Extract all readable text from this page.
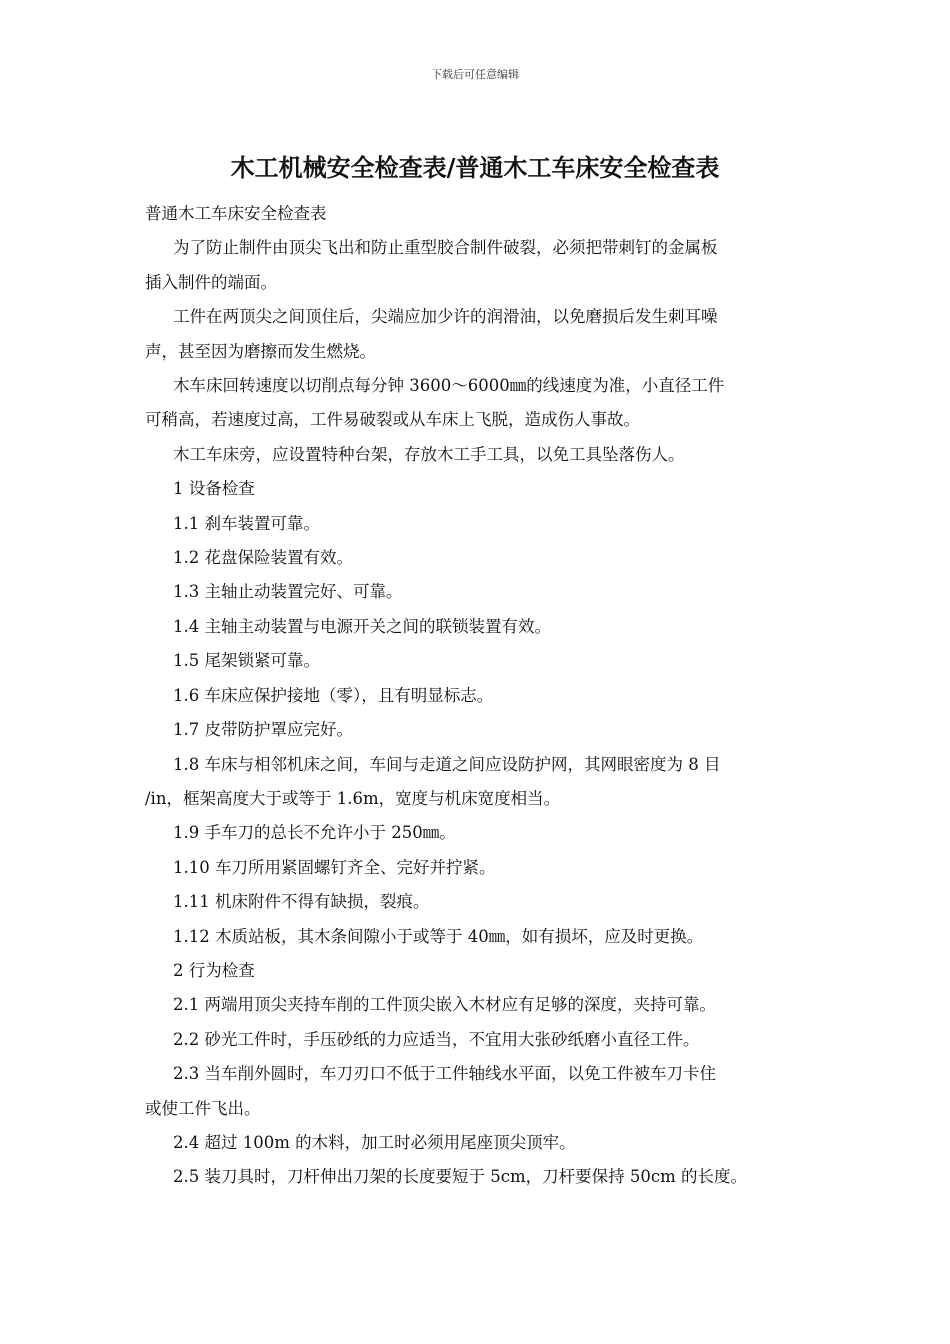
下载后可任意编辑
木工机械安全检查表/普通木工车床安全检查表

普通木工车床安全检查表

为了防止制件由顶尖飞出和防止重型胶合制件破裂，必须把带刺钉的金属板

插入制件的端面。

工件在两顶尖之间顶住后，尖端应加少许的润滑油，以免磨损后发生刺耳噪

声，甚至因为磨擦而发生燃烧。

木车床回转速度以切削点每分钟 3600～6000㎜的线速度为准，小直径工件

可稍高，若速度过高，工件易破裂或从车床上飞脱，造成伤人事故。

木工车床旁，应设置特种台架，存放木工手工具，以免工具坠落伤人。

1 设备检查

1.1 刹车装置可靠。

1.2 花盘保险装置有效。

1.3 主轴止动装置完好、可靠。

1.4 主轴主动装置与电源开关之间的联锁装置有效。

1.5 尾架锁紧可靠。

1.6 车床应保护接地（零），且有明显标志。

1.7 皮带防护罩应完好。

1.8 车床与相邻机床之间，车间与走道之间应设防护网，其网眼密度为 8 目

/in，框架高度大于或等于 1.6m，宽度与机床宽度相当。

1.9 手车刀的总长不允许小于 250㎜。

1.10 车刀所用紧固螺钉齐全、完好并拧紧。

1.11 机床附件不得有缺损，裂痕。

1.12 木质站板，其木条间隙小于或等于 40㎜，如有损坏，应及时更换。

2 行为检查

2.1 两端用顶尖夹持车削的工件顶尖嵌入木材应有足够的深度，夹持可靠。

2.2 砂光工件时，手压砂纸的力应适当，不宜用大张砂纸磨小直径工件。

2.3 当车削外圆时，车刀刃口不低于工件轴线水平面，以免工件被车刀卡住

或使工件飞出。

2.4 超过 100m 的木料，加工时必须用尾座顶尖顶牢。

2.5 装刀具时，刀杆伸出刀架的长度要短于 5cm，刀杆要保持 50cm 的长度。
